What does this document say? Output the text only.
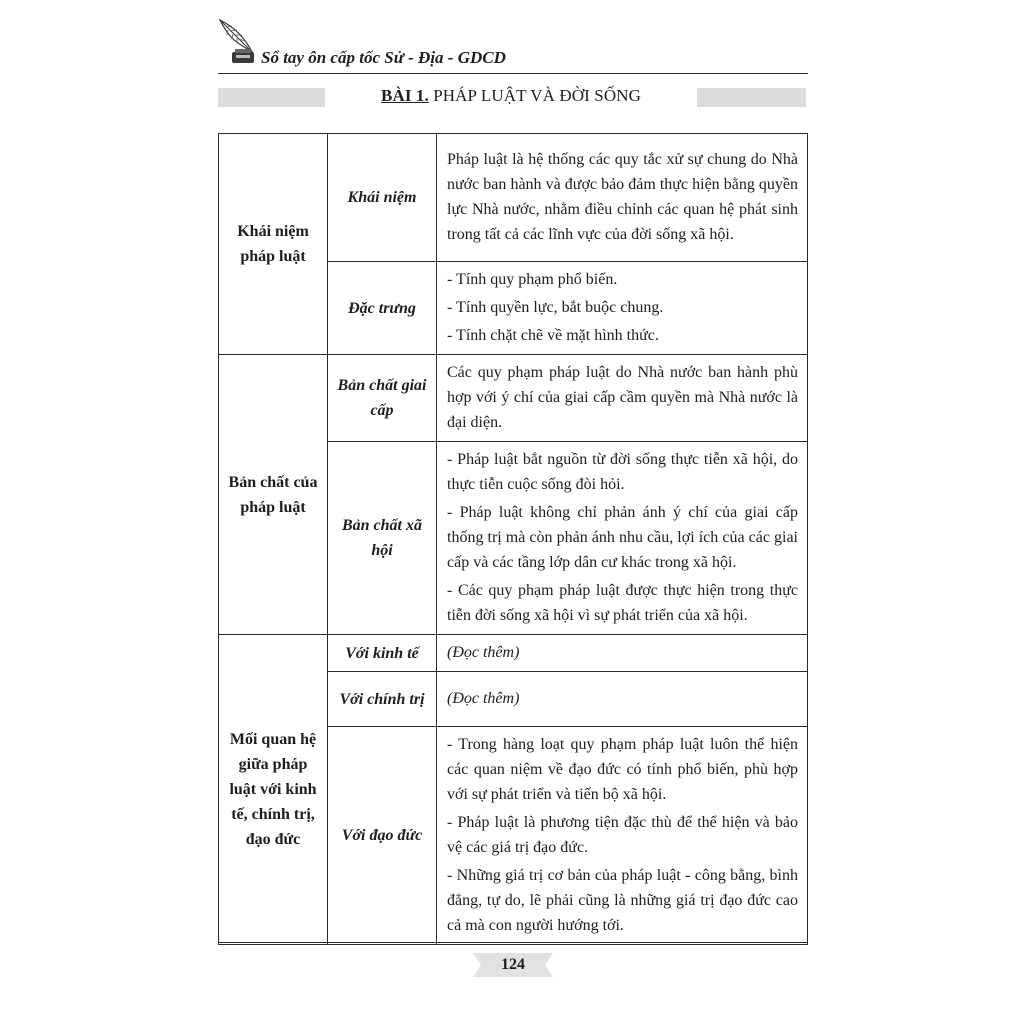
Sổ tay ôn cấp tốc Sử - Địa - GDCD
BÀI 1. PHÁP LUẬT VÀ ĐỜI SỐNG
Khái niệm pháp luật	Khái niệm	Pháp luật là hệ thống các quy tắc xử sự chung do Nhà nước ban hành và được bảo đảm thực hiện bằng quyền lực Nhà nước, nhằm điều chỉnh các quan hệ phát sinh trong tất cả các lĩnh vực của đời sống xã hội.

	Đặc trưng	- Tính quy phạm phổ biến.
- Tính quyền lực, bắt buộc chung.
- Tính chặt chẽ về mặt hình thức.

Bản chất của pháp luật	Bản chất giai cấp	Các quy phạm pháp luật do Nhà nước ban hành phù hợp với ý chí của giai cấp cầm quyền mà Nhà nước là đại diện.

	Bản chất xã hội	- Pháp luật bắt nguồn từ đời sống thực tiễn xã hội, do thực tiễn cuộc sống đòi hỏi.
- Pháp luật không chỉ phản ánh ý chí của giai cấp thống trị mà còn phản ánh nhu cầu, lợi ích của các giai cấp và các tầng lớp dân cư khác trong xã hội.
- Các quy phạm pháp luật được thực hiện trong thực tiễn đời sống xã hội vì sự phát triển của xã hội.

Mối quan hệ giữa pháp luật với kinh tế, chính trị, đạo đức	Với kinh tế	(Đọc thêm)

	Với chính trị	(Đọc thêm)

	Với đạo đức	- Trong hàng loạt quy phạm pháp luật luôn thể hiện các quan niệm về đạo đức có tính phổ biến, phù hợp với sự phát triển và tiến bộ xã hội.
- Pháp luật là phương tiện đặc thù để thể hiện và bảo vệ các giá trị đạo đức.
- Những giá trị cơ bản của pháp luật - công bằng, bình đẳng, tự do, lẽ phải cũng là những giá trị đạo đức cao cả mà con người hướng tới.
124
